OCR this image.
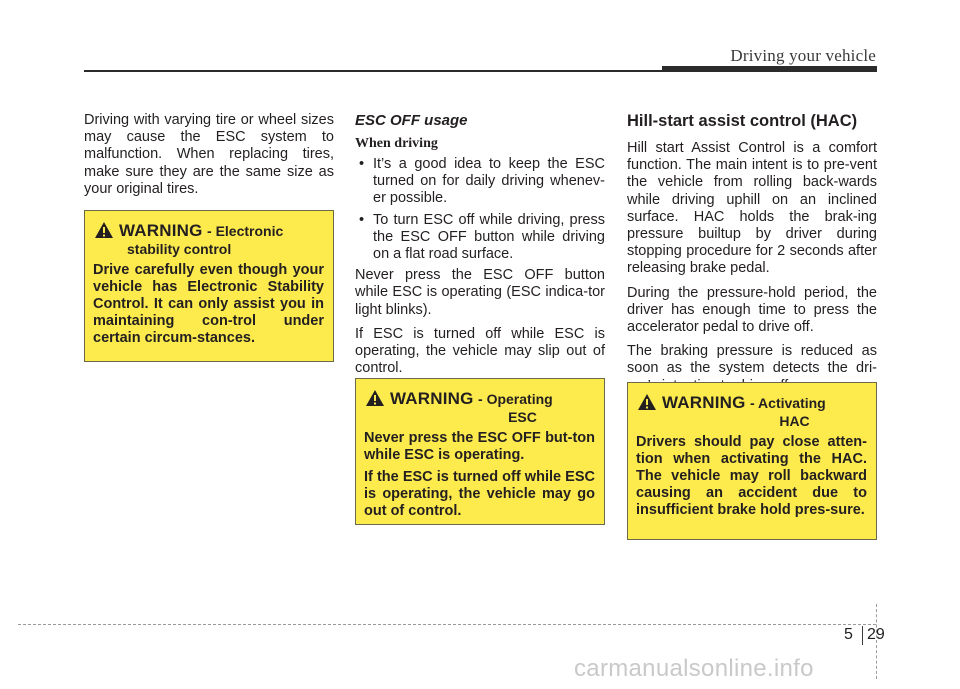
Driving your vehicle

Driving with varying tire or wheel sizes may cause the ESC system to malfunction. When replacing tires, make sure they are the same size as your original tires.

WARNING - Electronic
stability control

Drive carefully even though your vehicle has Electronic Stability Control. It can only assist you in maintaining con-trol under certain circum-stances.

ESC OFF usage

When driving

• It’s a good idea to keep the ESC turned on for daily driving whenev-er possible.
• To turn ESC off while driving, press the ESC OFF button while driving on a flat road surface.

Never press the ESC OFF button while ESC is operating (ESC indica-tor light blinks).

If ESC is turned off while ESC is operating, the vehicle may slip out of control.

WARNING - Operating
ESC

Never press the ESC OFF but-ton while ESC is operating.

If the ESC is turned off while ESC is operating, the vehicle may go out of control.

Hill-start assist control (HAC)

Hill start Assist Control is a comfort function. The main intent is to pre-vent the vehicle from rolling back-wards while driving uphill on an inclined surface. HAC holds the brak-ing pressure builtup by driver during stopping procedure for 2 seconds after releasing brake pedal.

During the pressure-hold period, the driver has enough time to press the accelerator pedal to drive off.

The braking pressure is reduced as soon as the system detects the dri-

WARNING - Activating
HAC

Drivers should pay close atten-tion when activating the HAC. The vehicle may roll backward causing an accident due to insufficient brake hold pres-sure.

5 29
carmanualsonline.info
